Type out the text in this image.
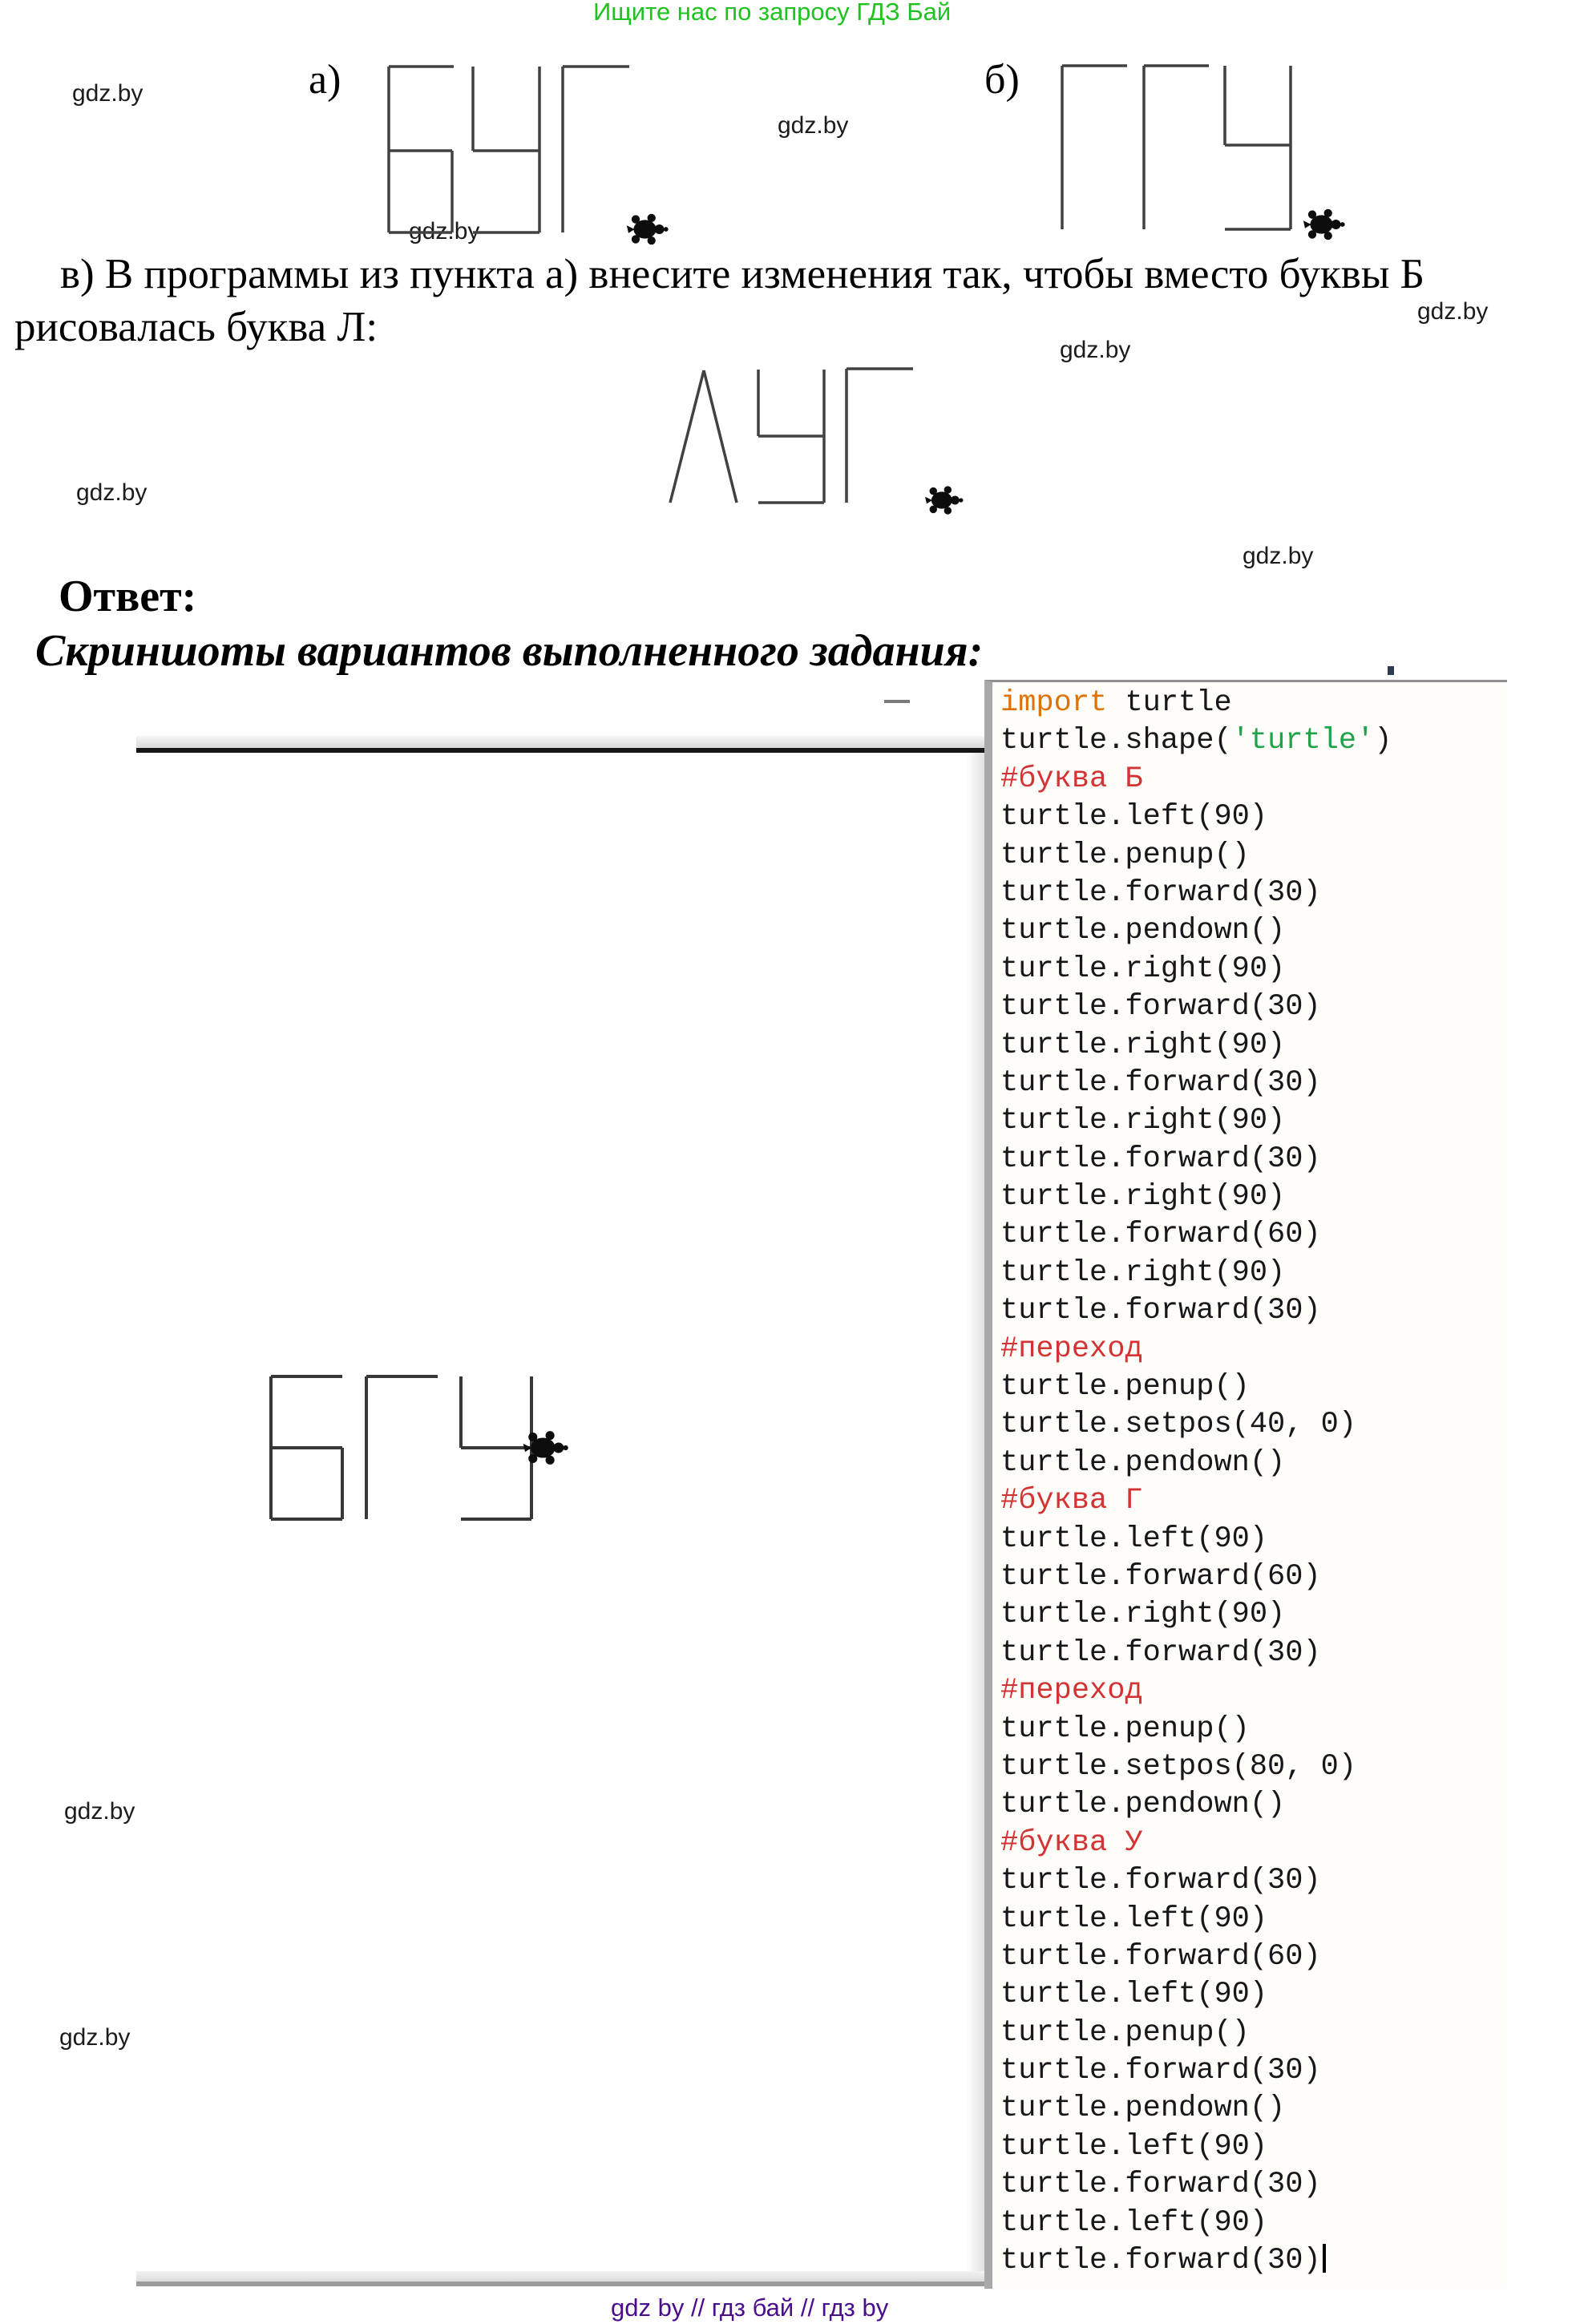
Ищите нас по запросу ГДЗ Бай
gdz.by
gdz.by
gdz.by
gdz.by
gdz.by
gdz.by
gdz.by
gdz.by
gdz.by
а)	б)
в) В программы из пункта а) внесите изменения так, чтобы вместо буквы Б
рисовалась буква Л:
Ответ:
Скриншоты вариантов выполненного задания:
import turtle
turtle.shape('turtle')
#буква Б
turtle.left(90)
turtle.penup()
turtle.forward(30)
turtle.pendown()
turtle.right(90)
turtle.forward(30)
turtle.right(90)
turtle.forward(30)
turtle.right(90)
turtle.forward(30)
turtle.right(90)
turtle.forward(60)
turtle.right(90)
turtle.forward(30)
#переход
turtle.penup()
turtle.setpos(40, 0)
turtle.pendown()
#буква Г
turtle.left(90)
turtle.forward(60)
turtle.right(90)
turtle.forward(30)
#переход
turtle.penup()
turtle.setpos(80, 0)
turtle.pendown()
#буква У
turtle.forward(30)
turtle.left(90)
turtle.forward(60)
turtle.left(90)
turtle.penup()
turtle.forward(30)
turtle.pendown()
turtle.left(90)
turtle.forward(30)
turtle.left(90)
turtle.forward(30)
gdz by // гдз бай // гдз by
